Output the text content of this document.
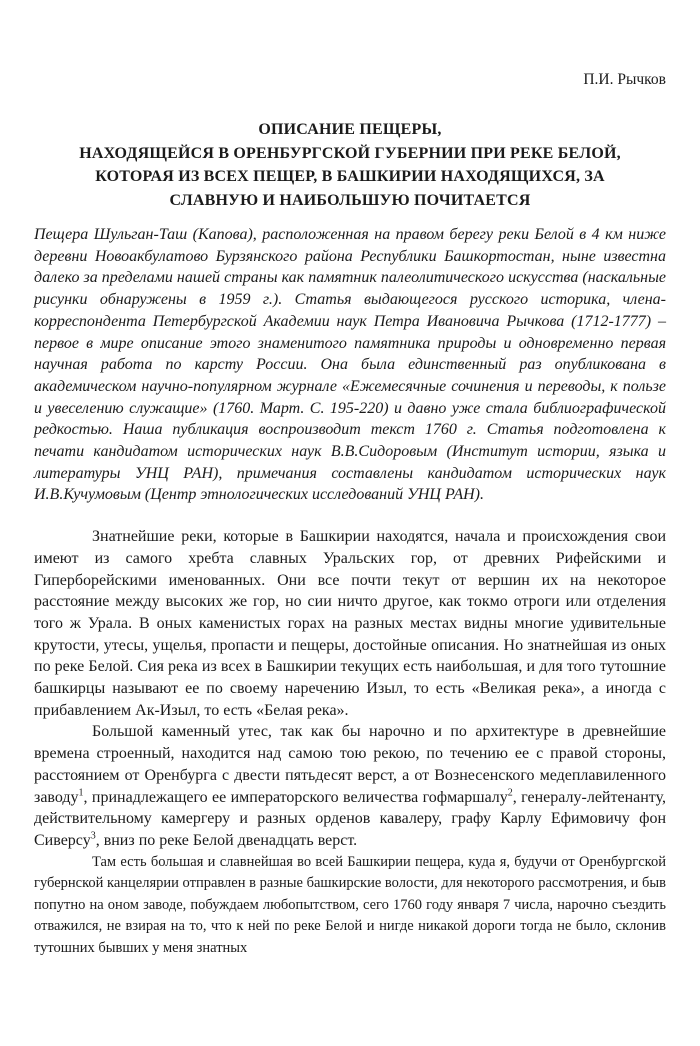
П.И. Рычков
ОПИСАНИЕ ПЕЩЕРЫ,
НАХОДЯЩЕЙСЯ В ОРЕНБУРГСКОЙ ГУБЕРНИИ ПРИ РЕКЕ БЕЛОЙ,
КОТОРАЯ ИЗ ВСЕХ ПЕЩЕР, В БАШКИРИИ НАХОДЯЩИХСЯ, ЗА
СЛАВНУЮ И НАИБОЛЬШУЮ ПОЧИТАЕТСЯ

Пещера Шульган-Таш (Капова), расположенная на правом берегу реки Белой в 4 км ниже деревни Новоакбулатово Бурзянского района Республики Башкортостан, ныне известна далеко за пределами нашей страны как памятник палеолитического искусства (наскальные рисунки обнаружены в 1959 г.). Статья выдающегося русского историка, члена-корреспондента Петербургской Академии наук Петра Ивановича Рычкова (1712-1777) – первое в мире описание этого знаменитого памятника природы и одновременно первая научная работа по карсту России. Она была единственный раз опубликована в академическом научно-популярном журнале «Ежемесячные сочинения и переводы, к пользе и увеселению служащие» (1760. Март. С. 195-220) и давно уже стала библиографической редкостью. Наша публикация воспроизводит текст 1760 г. Статья подготовлена к печати кандидатом исторических наук В.В.Сидоровым (Институт истории, языка и литературы УНЦ РАН), примечания составлены кандидатом исторических наук И.В.Кучумовым (Центр этнологических исследований УНЦ РАН).

Знатнейшие реки, которые в Башкирии находятся, начала и происхождения свои имеют из самого хребта славных Уральских гор, от древних Рифейскими и Гиперборейскими именованных. Они все почти текут от вершин их на некоторое расстояние между высоких же гор, но сии ничто другое, как токмо отроги или отделения того ж Урала. В оных каменистых горах на разных местах видны многие удивительные крутости, утесы, ущелья, пропасти и пещеры, достойные описания. Но знатнейшая из оных по реке Белой. Сия река из всех в Башкирии текущих есть наибольшая, и для того тутошние башкирцы называют ее по своему наречению Изыл, то есть «Великая река», а иногда с прибавлением Ак-Изыл, то есть «Белая река».

Большой каменный утес, так как бы нарочно и по архитектуре в древнейшие времена строенный, находится над самою тою рекою, по течению ее с правой стороны, расстоянием от Оренбурга с двести пятьдесят верст, а от Вознесенского медеплавиленного заводу$^1$, принадлежащего ее императорского величества гофмаршалу$^2$, генералу-лейтенанту, действительному камергеру и разных орденов кавалеру, графу Карлу Ефимовичу фон Сиверсу$^3$, вниз по реке Белой двенадцать верст.

Там есть большая и славнейшая во всей Башкирии пещера, куда я, будучи от Оренбургской губернской канцелярии отправлен в разные башкирские волости, для некоторого рассмотрения, и быв попутно на оном заводе, побуждаем любопытством, сего 1760 году января 7 числа, нарочно съездить отважился, не взирая на то, что к ней по реке Белой и нигде никакой дороги тогда не было, склонив тутошних бывших у меня знатных
